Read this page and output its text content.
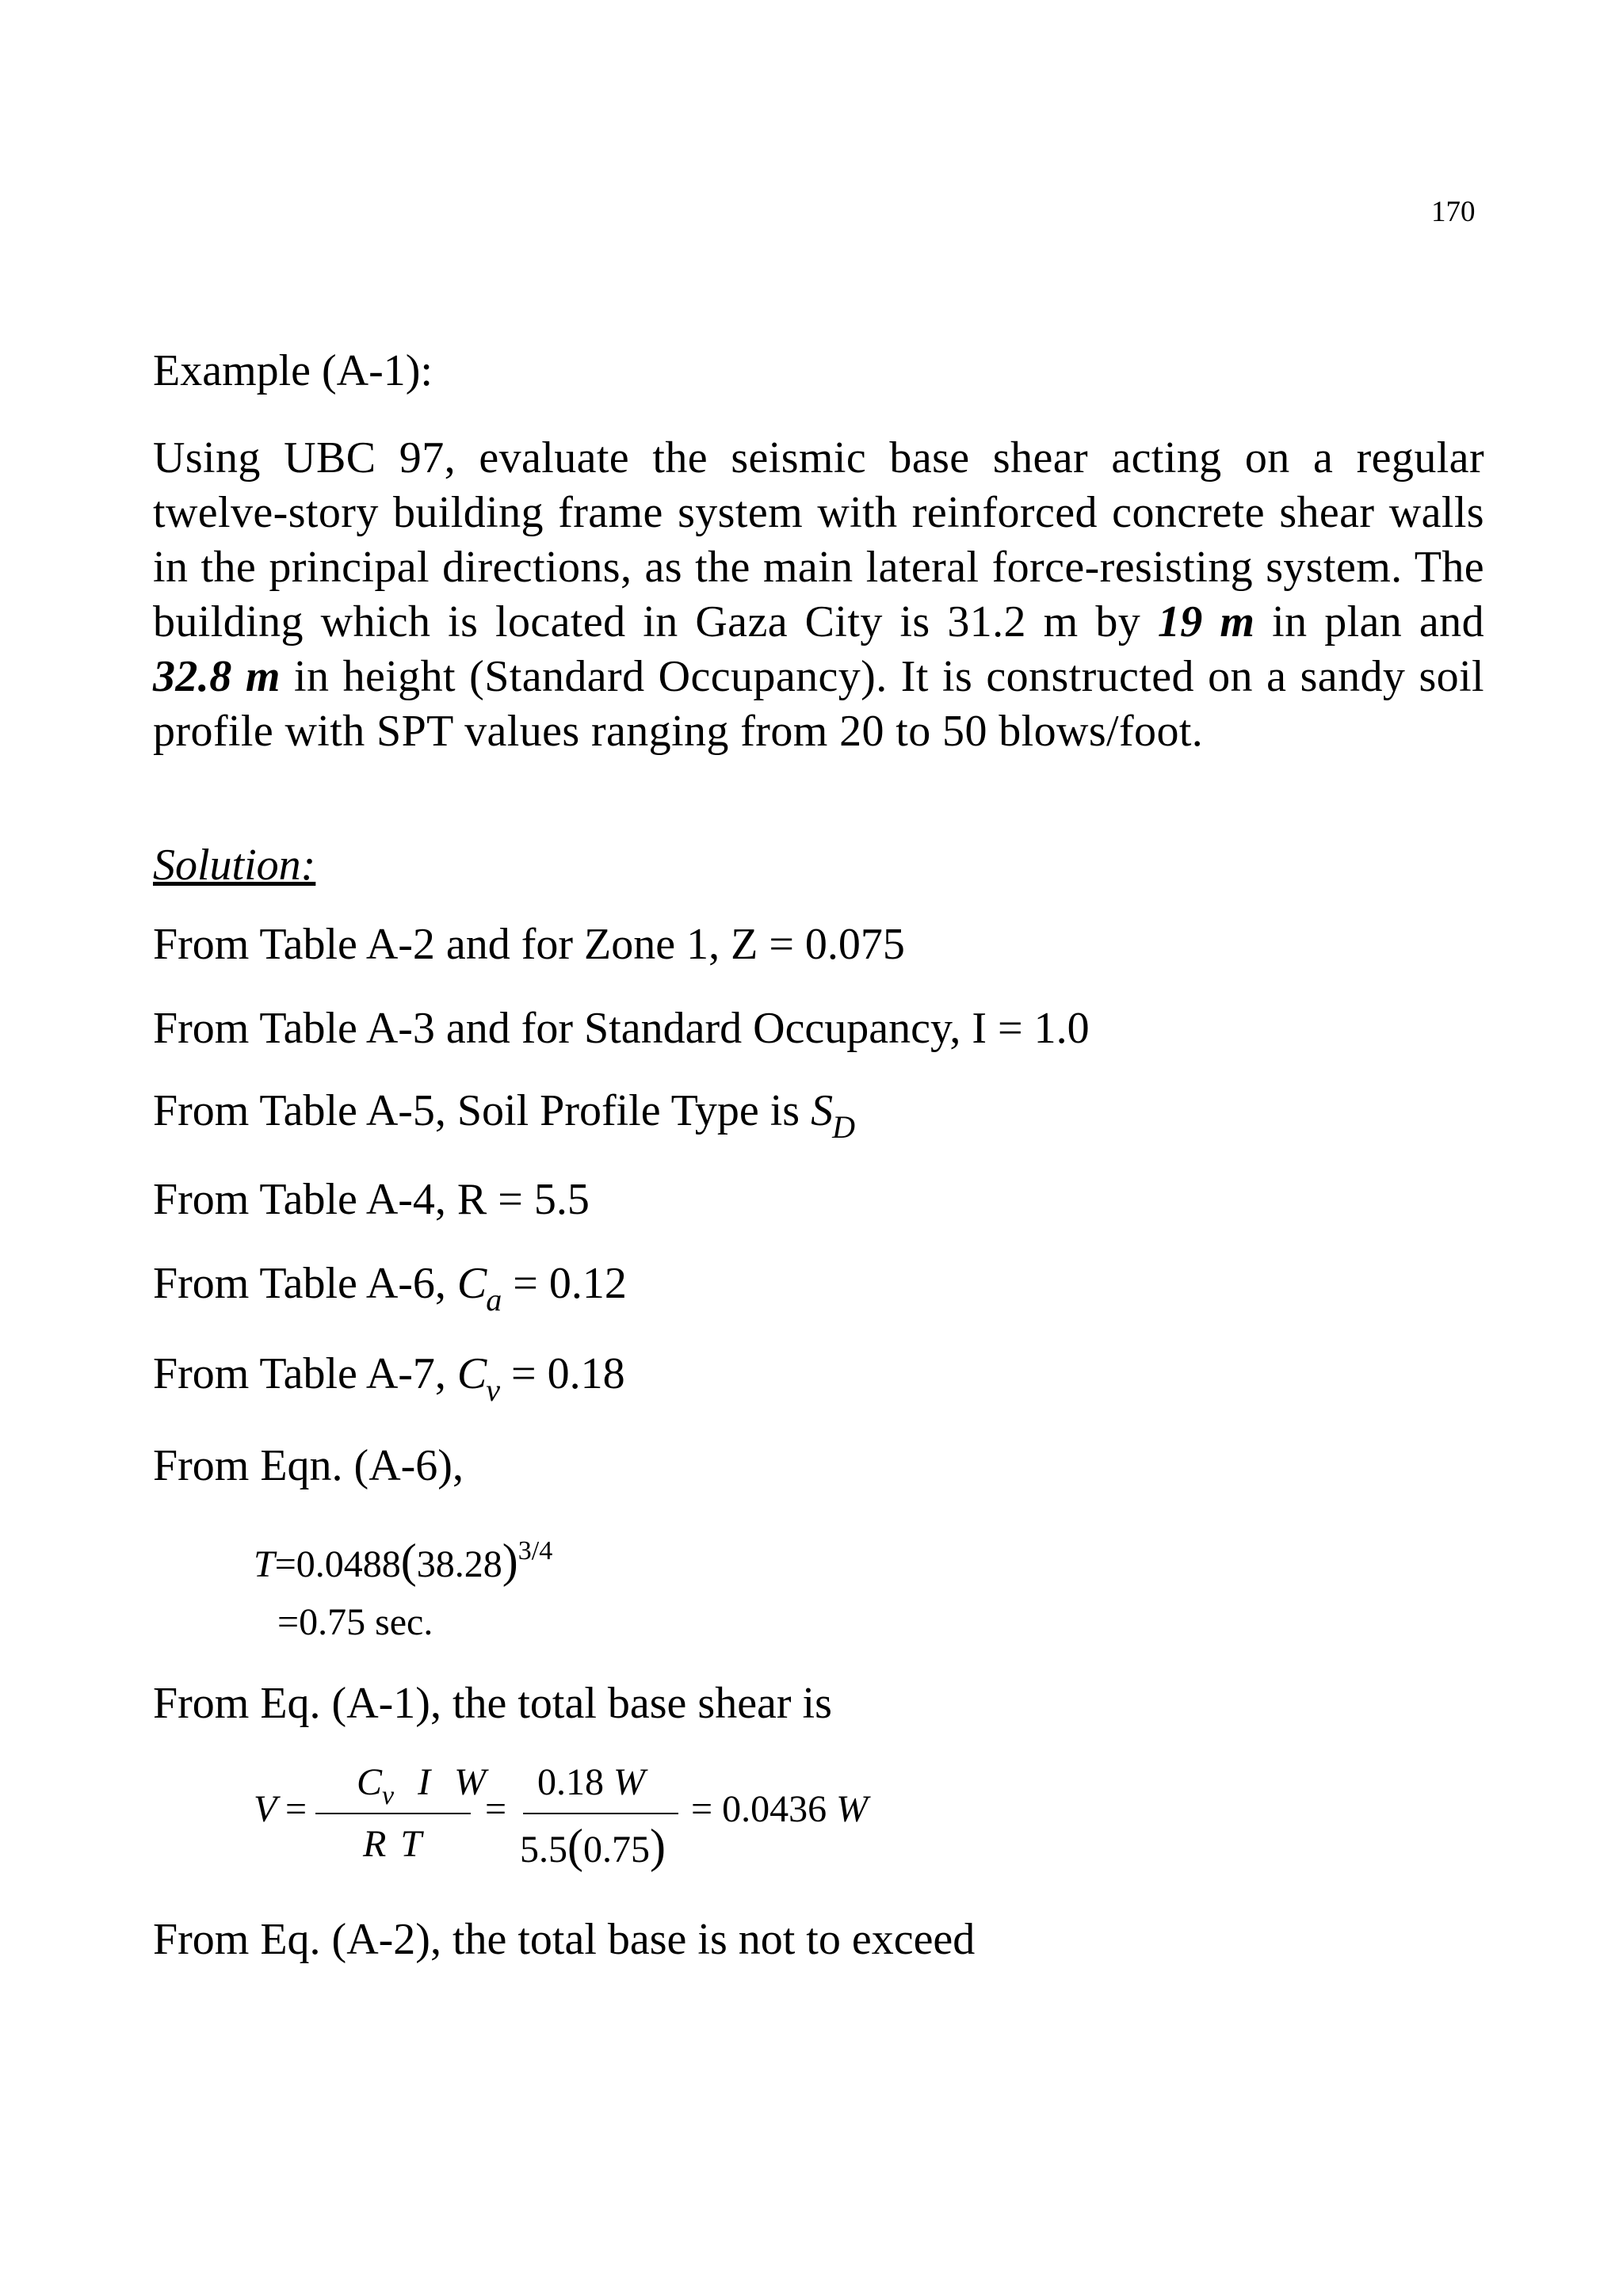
170
Example (A-1):
Using UBC 97, evaluate the seismic base shear acting on a regular twelve-story building frame system with reinforced concrete shear walls in the principal directions, as the main lateral force-resisting system. The building which is located in Gaza City is 31.2 m by 19 m in plan and 32.8 m in height (Standard Occupancy). It is constructed on a sandy soil profile with SPT values ranging from 20 to 50 blows/foot.
Solution:
From Table A-2 and for Zone 1, Z = 0.075
From Table A-3 and for Standard Occupancy, I = 1.0
From Table A-5, Soil Profile Type is $S_D$
From Table A-4, R = 5.5
From Table A-6, $C_a = 0.12$
From Table A-7, $C_v = 0.18$
From Eqn. (A-6),
$T=0.0488(38.28)^{3/4}$
=0.75 sec.
From Eq. (A-1), the total base shear is
V =
$C_v$ I W
R T
=
0.18 W
5.5(0.75)
= 0.0436 W
From Eq. (A-2), the total base is not to exceed
